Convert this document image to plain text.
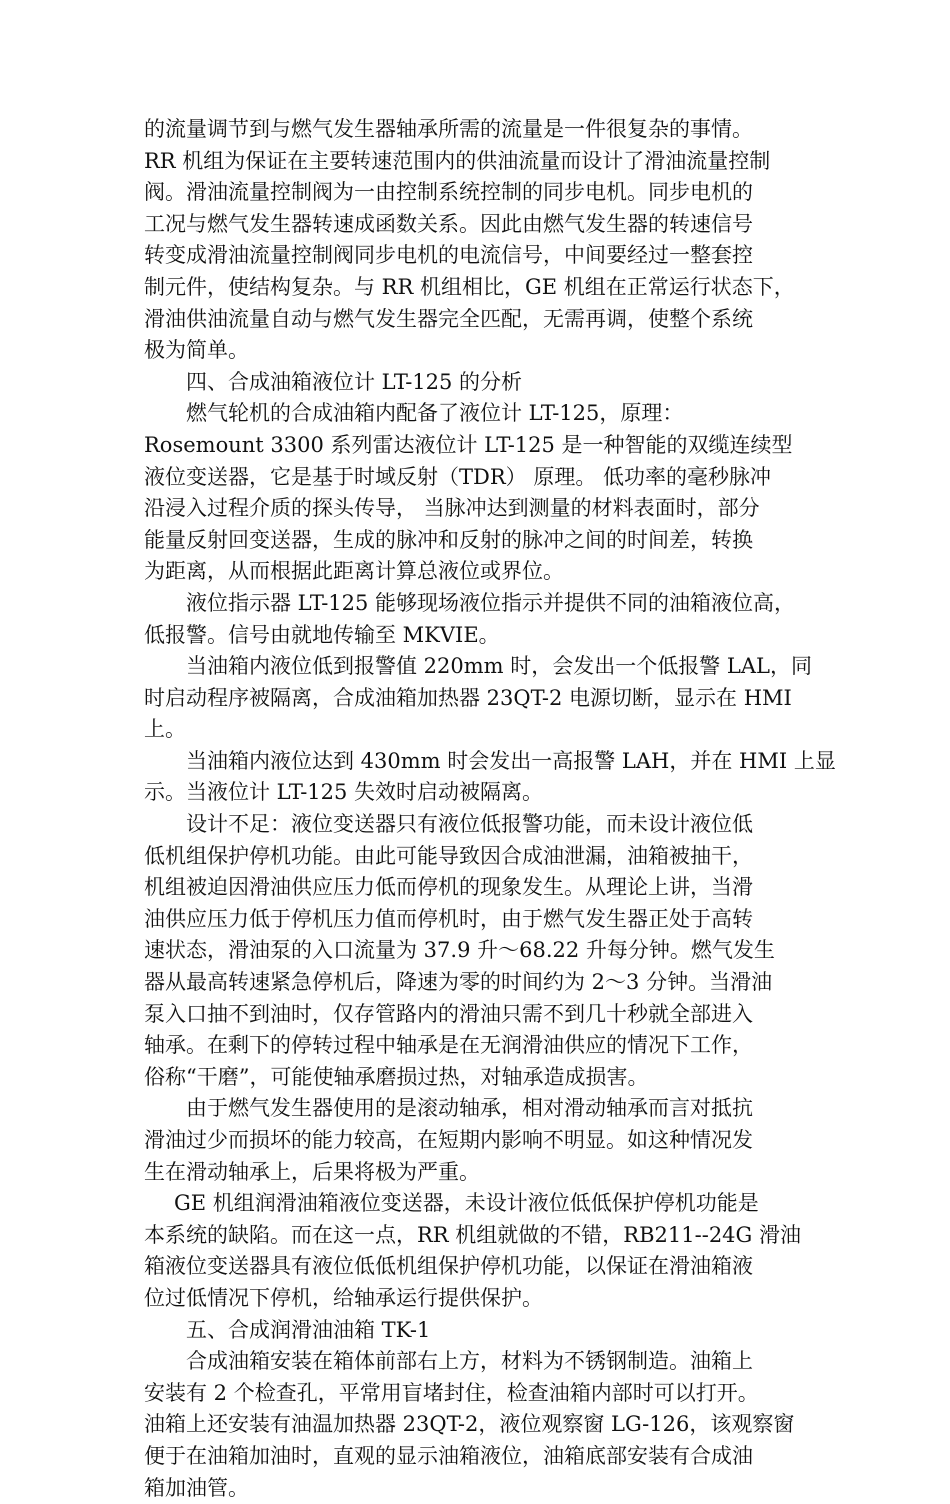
的流量调节到与燃气发生器轴承所需的流量是一件很复杂的事情。
RR 机组为保证在主要转速范围内的供油流量而设计了滑油流量控制
阀。滑油流量控制阀为一由控制系统控制的同步电机。同步电机的
工况与燃气发生器转速成函数关系。因此由燃气发生器的转速信号
转变成滑油流量控制阀同步电机的电流信号，中间要经过一整套控
制元件，使结构复杂。与 RR 机组相比，GE 机组在正常运行状态下，
滑油供油流量自动与燃气发生器完全匹配，无需再调，使整个系统
极为简单。
四、合成油箱液位计 LT-125 的分析
燃气轮机的合成油箱内配备了液位计 LT-125，原理：
Rosemount 3300 系列雷达液位计 LT-125 是一种智能的双缆连续型
液位变送器，它是基于时域反射（TDR） 原理。 低功率的毫秒脉冲
沿浸入过程介质的探头传导， 当脉冲达到测量的材料表面时，部分
能量反射回变送器，生成的脉冲和反射的脉冲之间的时间差，转换
为距离，从而根据此距离计算总液位或界位。
液位指示器 LT-125 能够现场液位指示并提供不同的油箱液位高，
低报警。信号由就地传输至 MKVIE。
当油箱内液位低到报警值 220mm 时，会发出一个低报警 LAL，同
时启动程序被隔离，合成油箱加热器 23QT-2 电源切断，显示在 HMI
上。
当油箱内液位达到 430mm 时会发出一高报警 LAH，并在 HMI 上显
示。当液位计 LT-125 失效时启动被隔离。
设计不足：液位变送器只有液位低报警功能，而未设计液位低
低机组保护停机功能。由此可能导致因合成油泄漏，油箱被抽干，
机组被迫因滑油供应压力低而停机的现象发生。从理论上讲，当滑
油供应压力低于停机压力值而停机时，由于燃气发生器正处于高转
速状态，滑油泵的入口流量为 37.9 升～68.22 升每分钟。燃气发生
器从最高转速紧急停机后，降速为零的时间约为 2～3 分钟。当滑油
泵入口抽不到油时，仅存管路内的滑油只需不到几十秒就全部进入
轴承。在剩下的停转过程中轴承是在无润滑油供应的情况下工作，
俗称“干磨”，可能使轴承磨损过热，对轴承造成损害。
由于燃气发生器使用的是滚动轴承，相对滑动轴承而言对抵抗
滑油过少而损坏的能力较高，在短期内影响不明显。如这种情况发
生在滑动轴承上，后果将极为严重。
GE 机组润滑油箱液位变送器，未设计液位低低保护停机功能是
本系统的缺陷。而在这一点，RR 机组就做的不错，RB211--24G 滑油
箱液位变送器具有液位低低机组保护停机功能，以保证在滑油箱液
位过低情况下停机，给轴承运行提供保护。
五、合成润滑油油箱 TK-1
合成油箱安装在箱体前部右上方，材料为不锈钢制造。油箱上
安装有 2 个检查孔，平常用盲堵封住，检查油箱内部时可以打开。
油箱上还安装有油温加热器 23QT-2，液位观察窗 LG-126，该观察窗
便于在油箱加油时，直观的显示油箱液位，油箱底部安装有合成油
箱加油管。
